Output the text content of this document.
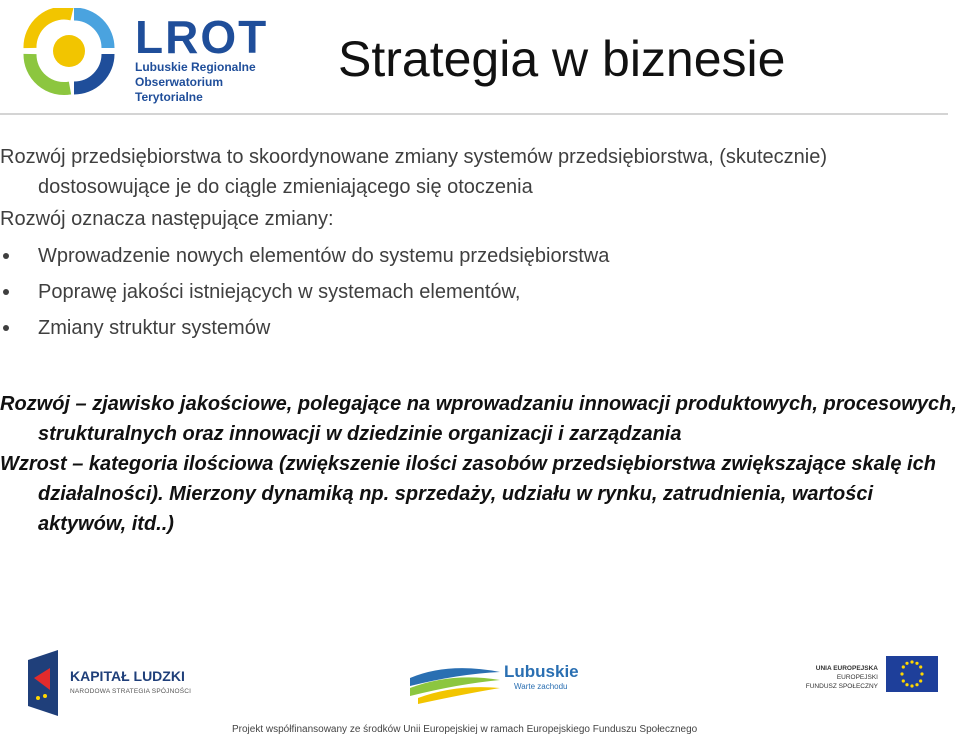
LROT
Lubuskie Regionalne
Obserwatorium Terytorialne
Strategia w biznesie

Rozwój przedsiębiorstwa to skoordynowane zmiany systemów przedsiębiorstwa, (skutecznie) dostosowujące je do ciągle zmieniającego się otoczenia

Rozwój oznacza następujące zmiany:

Wprowadzenie nowych elementów do systemu przedsiębiorstwa
Poprawę jakości istniejących w systemach elementów,
Zmiany struktur systemów

Rozwój – zjawisko jakościowe, polegające na wprowadzaniu innowacji produktowych, procesowych, strukturalnych oraz innowacji w dziedzinie organizacji i zarządzania

Wzrost – kategoria ilościowa (zwiększenie ilości zasobów przedsiębiorstwa zwiększające skalę ich działalności). Mierzony dynamiką np. sprzedaży, udziału w rynku, zatrudnienia, wartości aktywów, itd..)

KAPITAŁ LUDZKI
NARODOWA STRATEGIA SPÓJNOŚCI
Lubuskie
Warte zachodu
UNIA EUROPEJSKA
EUROPEJSKI
FUNDUSZ SPOŁECZNY
Projekt współfinansowany ze środków Unii Europejskiej w ramach Europejskiego Funduszu Społecznego
